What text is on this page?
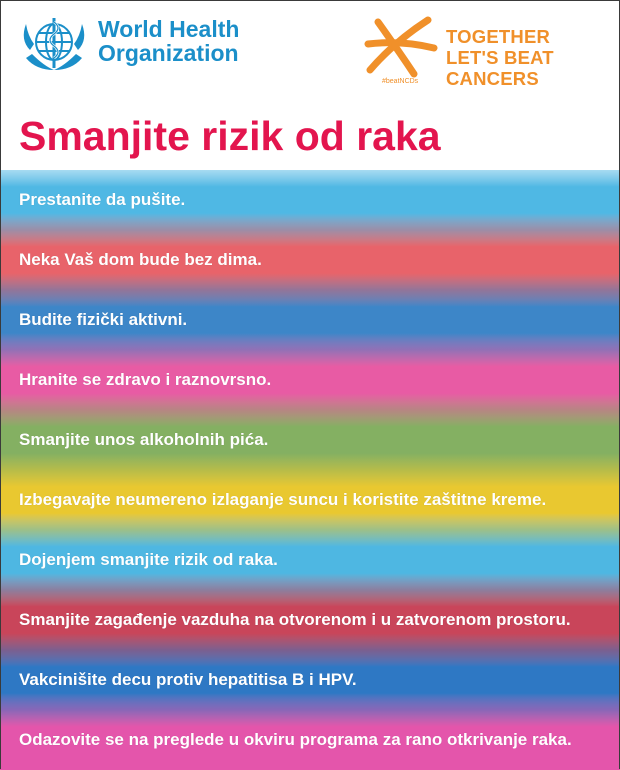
World Health
Organization
#beatNCDs
TOGETHER
LET'S BEAT CANCERS
Smanjite rizik od raka
Prestanite da pušite.
Neka Vaš dom bude bez dima.
Budite fizički aktivni.
Hranite se zdravo i raznovrsno.
Smanjite unos alkoholnih pića.
Izbegavajte neumereno izlaganje suncu i koristite zaštitne kreme.
Dojenjem smanjite rizik od raka.
Smanjite zagađenje vazduha na otvorenom i u zatvorenom prostoru.
Vakcinišite decu protiv hepatitisa B i HPV.
Odazovite se na preglede u okviru programa za rano otkrivanje raka.
